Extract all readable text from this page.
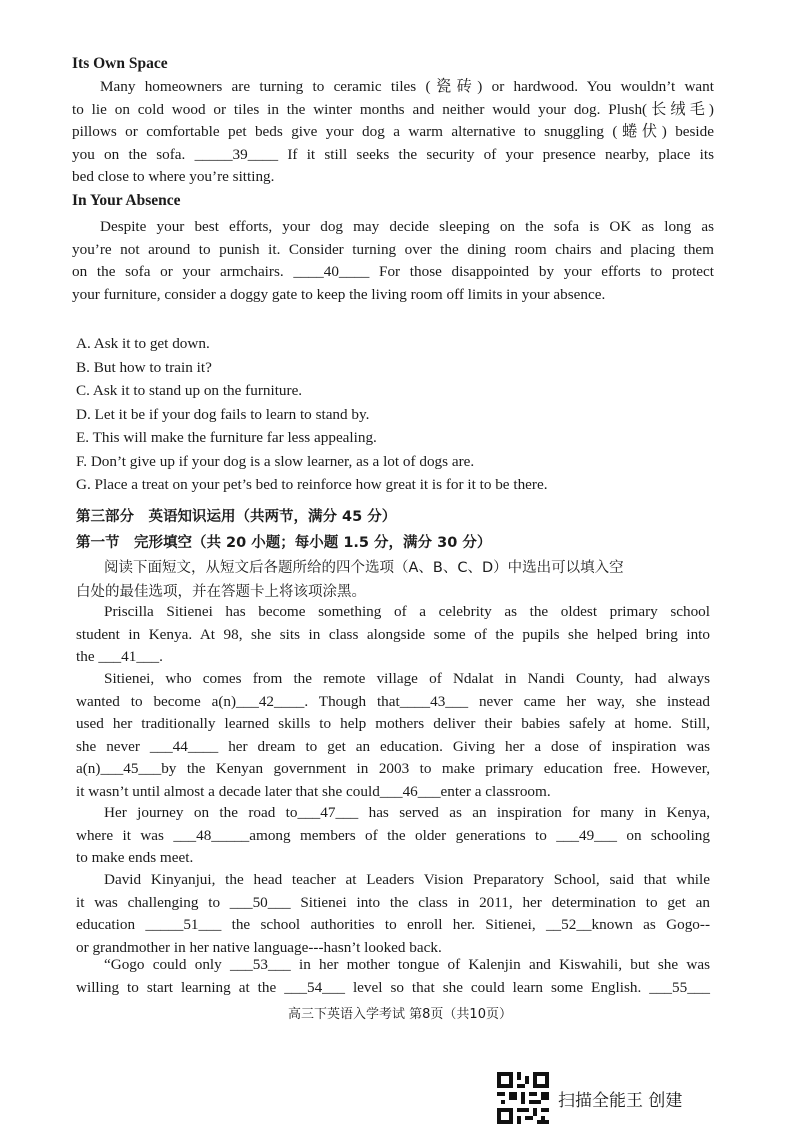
Its Own Space
Many homeowners are turning to ceramic tiles (瓷砖) or hardwood. You wouldn’t want
to lie on cold wood or tiles in the winter months and neither would your dog. Plush(长绒毛)
pillows or comfortable pet beds give your dog a warm alternative to snuggling (蜷伏) beside
you on the sofa. _____39____ If it still seeks the security of your presence nearby, place its
bed close to where you’re sitting.
In Your Absence
Despite your best efforts, your dog may decide sleeping on the sofa is OK as long as
you’re not around to punish it. Consider turning over the dining room chairs and placing them
on the sofa or your armchairs. ____40____ For those disappointed by your efforts to protect
your furniture, consider a doggy gate to keep the living room off limits in your absence.
A. Ask it to get down.
B. But how to train it?
C. Ask it to stand up on the furniture.
D. Let it be if your dog fails to learn to stand by.
E. This will make the furniture far less appealing.
F. Don’t give up if your dog is a slow learner, as a lot of dogs are.
G. Place a treat on your pet’s bed to reinforce how great it is for it to be there.
第三部分　英语知识运用（共两节，满分 45 分）
第一节　完形填空（共 20 小题；每小题 1.5 分，满分 30 分）
阅读下面短文，从短文后各题所给的四个选项（A、B、C、D）中选出可以填入空
白处的最佳选项，并在答题卡上将该项涂黑。
Priscilla Sitienei has become something of a celebrity as the oldest primary school
student in Kenya. At 98, she sits in class alongside some of the pupils she helped bring into
the ___41___.
Sitienei, who comes from the remote village of Ndalat in Nandi County, had always
wanted to become a(n)___42____. Though that____43___ never came her way, she instead
used her traditionally learned skills to help mothers deliver their babies safely at home. Still,
she never ___44____ her dream to get an education. Giving her a dose of inspiration was
a(n)___45___by the Kenyan government in 2003 to make primary education free. However,
it wasn’t until almost a decade later that she could___46___enter a classroom.
Her journey on the road to___47___ has served as an inspiration for many in Kenya,
where it was ___48_____among members of the older generations to ___49___ on schooling
to make ends meet.
David Kinyanjui, the head teacher at Leaders Vision Preparatory School, said that while
it was challenging to ___50___ Sitienei into the class in 2011, her determination to get an
education _____51___ the school authorities to enroll her. Sitienei, __52__known as Gogo--
or grandmother in her native language---hasn’t looked back.
“Gogo could only ___53___ in her mother tongue of Kalenjin and Kiswahili, but she was
willing to start learning at the ___54___ level so that she could learn some English. ___55___
高三下英语入学考试 第8页（共10页）
扫描全能王 创建
